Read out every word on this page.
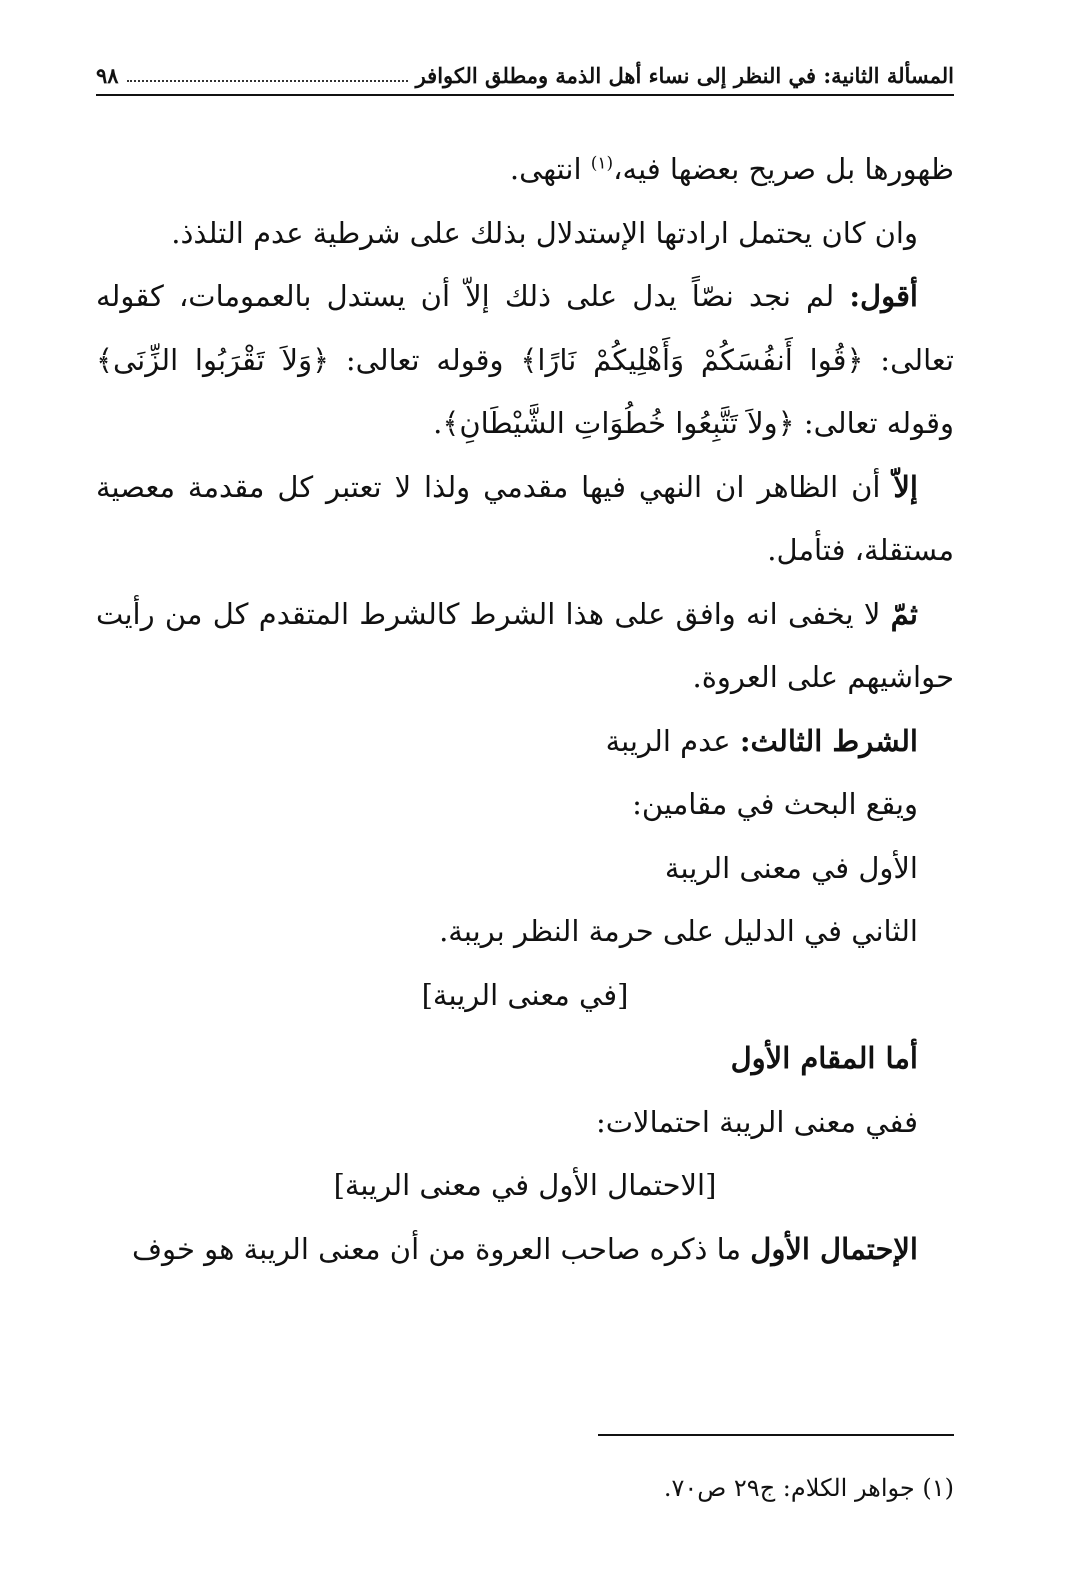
المسألة الثانية: في النظر إلى نساء أهل الذمة ومطلق الكوافر
٩٨

ظهورها بل صريح بعضها فيه،$^{(١)}$ انتهى.

وان كان يحتمل ارادتها الإستدلال بذلك على شرطية عدم التلذذ.

أقول: لم نجد نصّاً يدل على ذلك إلاّ أن يستدل بالعمومات، كقوله تعالى: ﴿قُوا أَنفُسَكُمْ وَأَهْلِيكُمْ نَارًا﴾ وقوله تعالى: ﴿وَلاَ تَقْرَبُوا الزِّنَى﴾ وقوله تعالى: ﴿ولاَ تَتَّبِعُوا خُطُوَاتِ الشَّيْطَانِ﴾.

إلاّ أن الظاهر ان النهي فيها مقدمي ولذا لا تعتبر كل مقدمة معصية مستقلة، فتأمل.

ثمّ لا يخفى انه وافق على هذا الشرط كالشرط المتقدم كل من رأيت حواشيهم على العروة.

الشرط الثالث: عدم الريبة

ويقع البحث في مقامين:

الأول في معنى الريبة

الثاني في الدليل على حرمة النظر بريبة.

[في معنى الريبة]

أما المقام الأول

ففي معنى الريبة احتمالات:

[الاحتمال الأول في معنى الريبة]

الإحتمال الأول ما ذكره صاحب العروة من أن معنى الريبة هو خوف

(١) جواهر الكلام: ج٢٩ ص٧٠.
